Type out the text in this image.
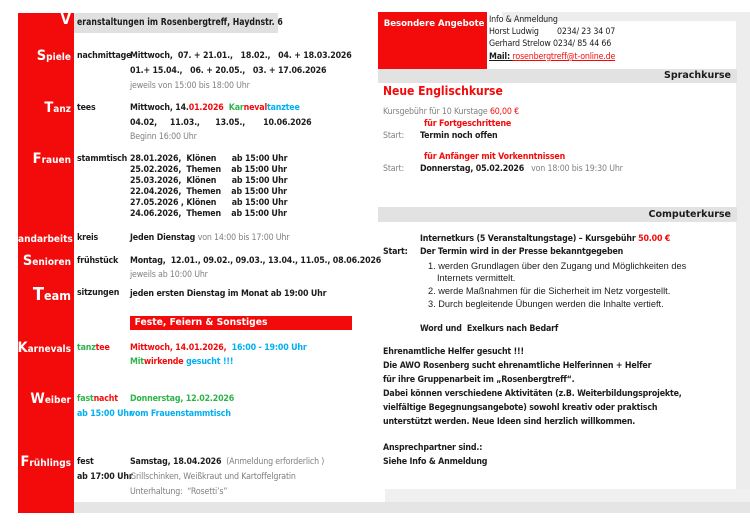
V eranstaltungen im Rosenbergtreff, Haydnstr. 6
Feste, Feiern & Sonstiges
Besondere Angebote
Sprachkurse
Computerkurse
Neue Englischkurse
Spiele nachmittage
Mittwoch,  07. + 21.01.,   18.02.,   04. + 18.03.2026
01.+ 15.04.,   06. + 20.05.,   03. + 17.06.2026
jeweils von 15:00 bis 18:00 Uhr
Tanz tees	Mittwoch, 14.01.2026  Karnevaltanztee
04.02,     11.03.,      13.05.,       10.06.2026
Beginn 16:00 Uhr
Frauen stammtisch 28.01.2026,  Klönen      ab 15:00 Uhr
25.02.2026,  Themen    ab 15:00 Uhr
25.03.2026,  Klönen      ab 15:00 Uhr
22.04.2026,  Themen    ab 15:00 Uhr
27.05.2026 , Klönen      ab 15:00 Uhr
24.06.2026,  Themen    ab 15:00 Uhr
Handarbeits kreis	Jeden Dienstag von 14:00 bis 17:00 Uhr
Senioren frühstück Montag,  12.01., 09.02., 09.03., 13.04., 11.05., 08.06.2026
jeweils ab 10:00 Uhr
Team sitzungen jeden ersten Dienstag im Monat ab 19:00 Uhr
Karnevals tanztee Mittwoch, 14.01.2026,  16:00 - 19:00 Uhr
Mitwirkende gesucht !!!
Weiber fastnacht
ab 15:00 Uhr
Donnerstag, 12.02.2026
vom Frauenstammtisch
Frühlings fest
ab 17:00 Uhr
Samstag, 18.04.2026  (Anmeldung erforderlich )
Grillschinken, Weißkraut und Kartoffelgratin
Unterhaltung:  “Rosetti’s”
Info & Anmeldung
Horst Ludwig 0234/ 23 34 07
Gerhard Strelow 0234/ 85 44 66
Mail: rosenbergtreff@t-online.de
Kursgebühr für 10 Kurstage 60,00 €
für Fortgeschrittene
Start: Termin noch offen
für Anfänger mit Vorkenntnissen
Start: Donnerstag, 05.02.2026   von 18:00 bis 19:30 Uhr
Internetkurs (5 Veranstaltungstage) – Kursgebühr 50.00 €
Start: Der Termin wird in der Presse bekanntgegeben
1. werden Grundlagen über den Zugang und Möglichkeiten des
Internets vermittelt.
2. werde Maßnahmen für die Sicherheit im Netz vorgestellt.
3. Durch begleitende Übungen werden die Inhalte vertieft.
Word und  Exelkurs nach Bedarf
Ehrenamtliche Helfer gesucht !!!
Die AWO Rosenberg sucht ehrenamtliche Helferinnen + Helfer
für ihre Gruppenarbeit im „Rosenbergtreff“.
Dabei können verschiedene Aktivitäten (z.B. Weiterbildungsprojekte,
vielfältige Begegnungsangebote) sowohl kreativ oder praktisch
unterstützt werden. Neue Ideen sind herzlich willkommen.
Ansprechpartner sind.:
Siehe Info & Anmeldung
